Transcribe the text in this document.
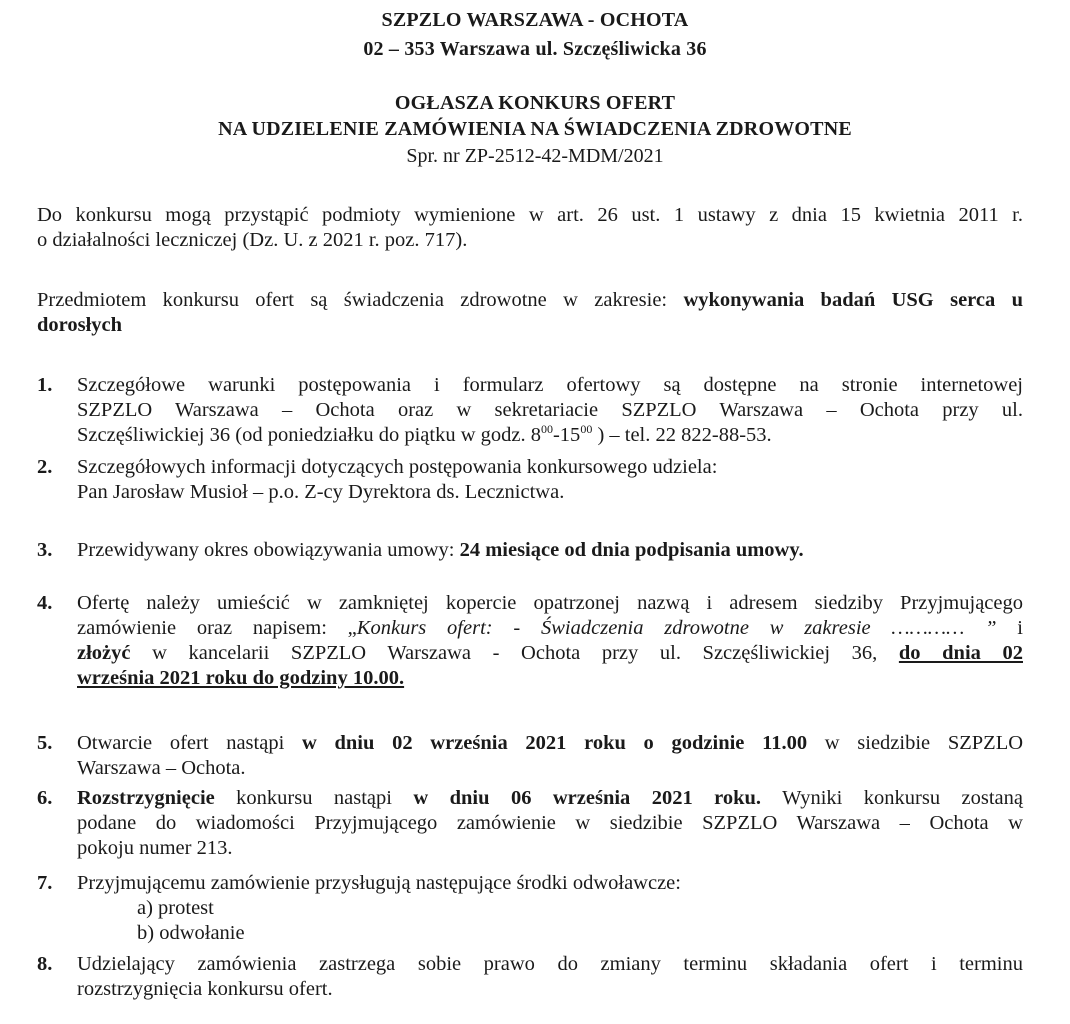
SZPZLO WARSZAWA - OCHOTA
02 – 353 Warszawa ul. Szczęśliwicka 36
OGŁASZA KONKURS OFERT
NA UDZIELENIE ZAMÓWIENIA NA ŚWIADCZENIA ZDROWOTNE
Spr. nr ZP-2512-42-MDM/2021
Do konkursu mogą przystąpić podmioty wymienione w art. 26 ust. 1 ustawy z dnia 15 kwietnia 2011 r.
o działalności leczniczej (Dz. U. z 2021 r. poz. 717).
Przedmiotem konkursu ofert są świadczenia zdrowotne w zakresie: wykonywania badań USG serca u
dorosłych
1.	Szczegółowe warunki postępowania i formularz ofertowy są dostępne na stronie internetowej
SZPZLO Warszawa – Ochota oraz w sekretariacie SZPZLO Warszawa – Ochota przy ul.
Szczęśliwickiej 36 (od poniedziałku do piątku w godz. $8^{00}-15^{00}$ ) – tel. 22 822-88-53.
2.	Szczegółowych informacji dotyczących postępowania konkursowego udziela:
Pan Jarosław Musioł – p.o. Z-cy Dyrektora ds. Lecznictwa.
3.	Przewidywany okres obowiązywania umowy: 24 miesiące od dnia podpisania umowy.
4.	Ofertę należy umieścić w zamkniętej kopercie opatrzonej nazwą i adresem siedziby Przyjmującego
zamówienie oraz napisem: „Konkurs ofert: - Świadczenia zdrowotne w zakresie ………… ” i
złożyć w kancelarii SZPZLO Warszawa - Ochota przy ul. Szczęśliwickiej 36, do dnia 02
września 2021 roku do godziny 10.00.
5.	Otwarcie ofert nastąpi w dniu 02 września 2021 roku o godzinie 11.00 w siedzibie SZPZLO
Warszawa – Ochota.
6.	Rozstrzygnięcie konkursu nastąpi w dniu 06 września 2021 roku. Wyniki konkursu zostaną
podane do wiadomości Przyjmującego zamówienie w siedzibie SZPZLO Warszawa – Ochota w
pokoju numer 213.
7.	Przyjmującemu zamówienie przysługują następujące środki odwoławcze:
a) protest
b) odwołanie
8.	Udzielający zamówienia zastrzega sobie prawo do zmiany terminu składania ofert i terminu
rozstrzygnięcia konkursu ofert.
